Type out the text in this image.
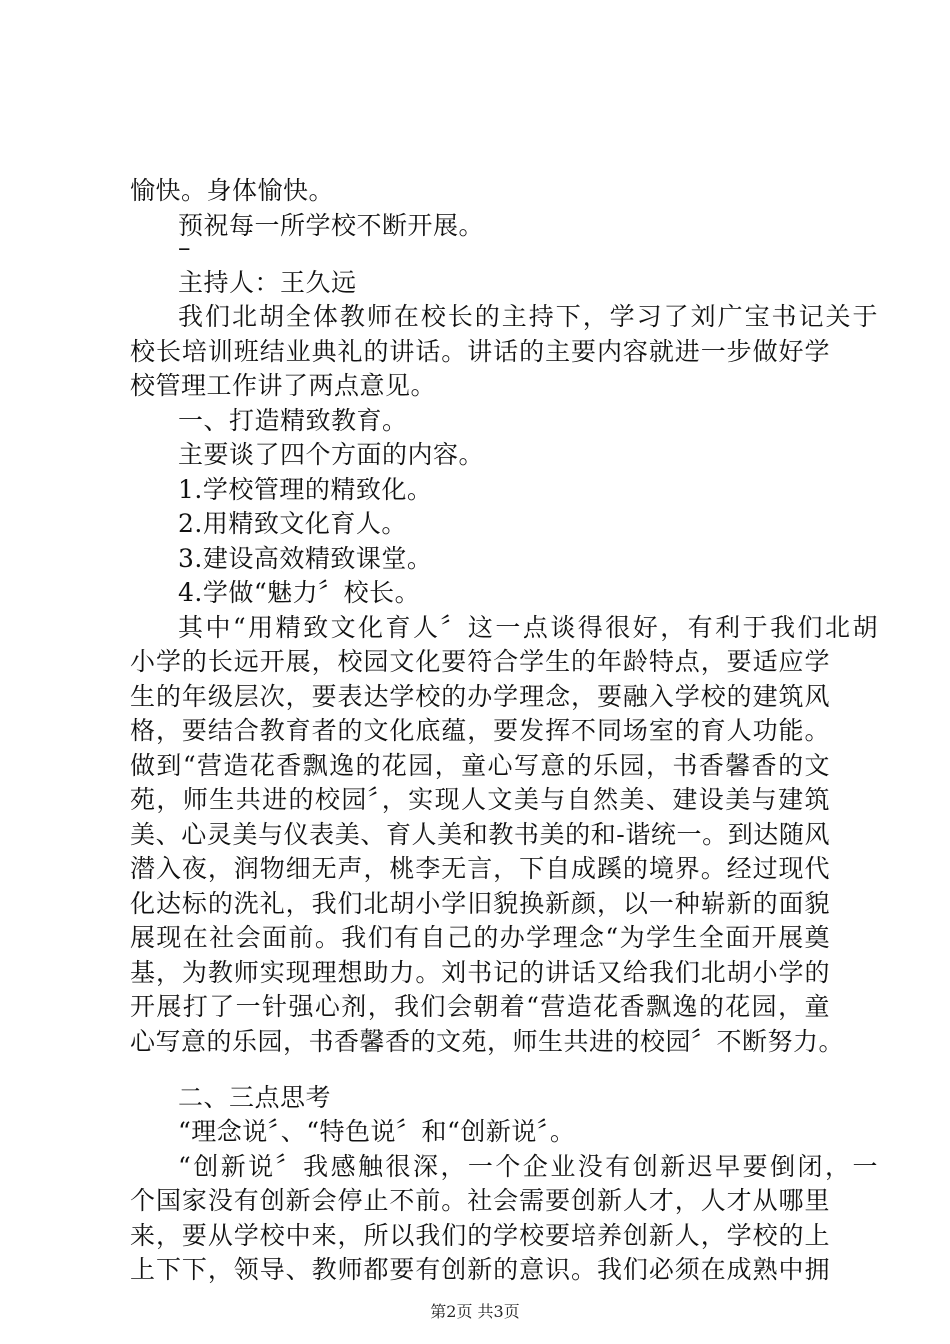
愉快。身体愉快。
预祝每一所学校不断开展。
–
主持人：王久远
我们北胡全体教师在校长的主持下，学习了刘广宝书记关于
校长培训班结业典礼的讲话。讲话的主要内容就进一步做好学
校管理工作讲了两点意见。
一、打造精致教育。
主要谈了四个方面的内容。
1.学校管理的精致化。
2.用精致文化育人。
3.建设高效精致课堂。
4.学做“魅力〞校长。
其中“用精致文化育人〞这一点谈得很好，有利于我们北胡
小学的长远开展，校园文化要符合学生的年龄特点，要适应学
生的年级层次，要表达学校的办学理念，要融入学校的建筑风
格，要结合教育者的文化底蕴，要发挥不同场室的育人功能。
做到“营造花香飘逸的花园，童心写意的乐园，书香馨香的文
苑，师生共进的校园〞，实现人文美与自然美、建设美与建筑
美、心灵美与仪表美、育人美和教书美的和-谐统一。到达随风
潜入夜，润物细无声，桃李无言，下自成蹊的境界。经过现代
化达标的洗礼，我们北胡小学旧貌换新颜，以一种崭新的面貌
展现在社会面前。我们有自己的办学理念“为学生全面开展奠
基，为教师实现理想助力。刘书记的讲话又给我们北胡小学的
开展打了一针强心剂，我们会朝着“营造花香飘逸的花园，童
心写意的乐园，书香馨香的文苑，师生共进的校园〞不断努力。
二、三点思考
“理念说〞、“特色说〞和“创新说〞。
“创新说〞我感触很深，一个企业没有创新迟早要倒闭，一
个国家没有创新会停止不前。社会需要创新人才，人才从哪里
来，要从学校中来，所以我们的学校要培养创新人，学校的上
上下下，领导、教师都要有创新的意识。我们必须在成熟中拥
第2页 共3页
